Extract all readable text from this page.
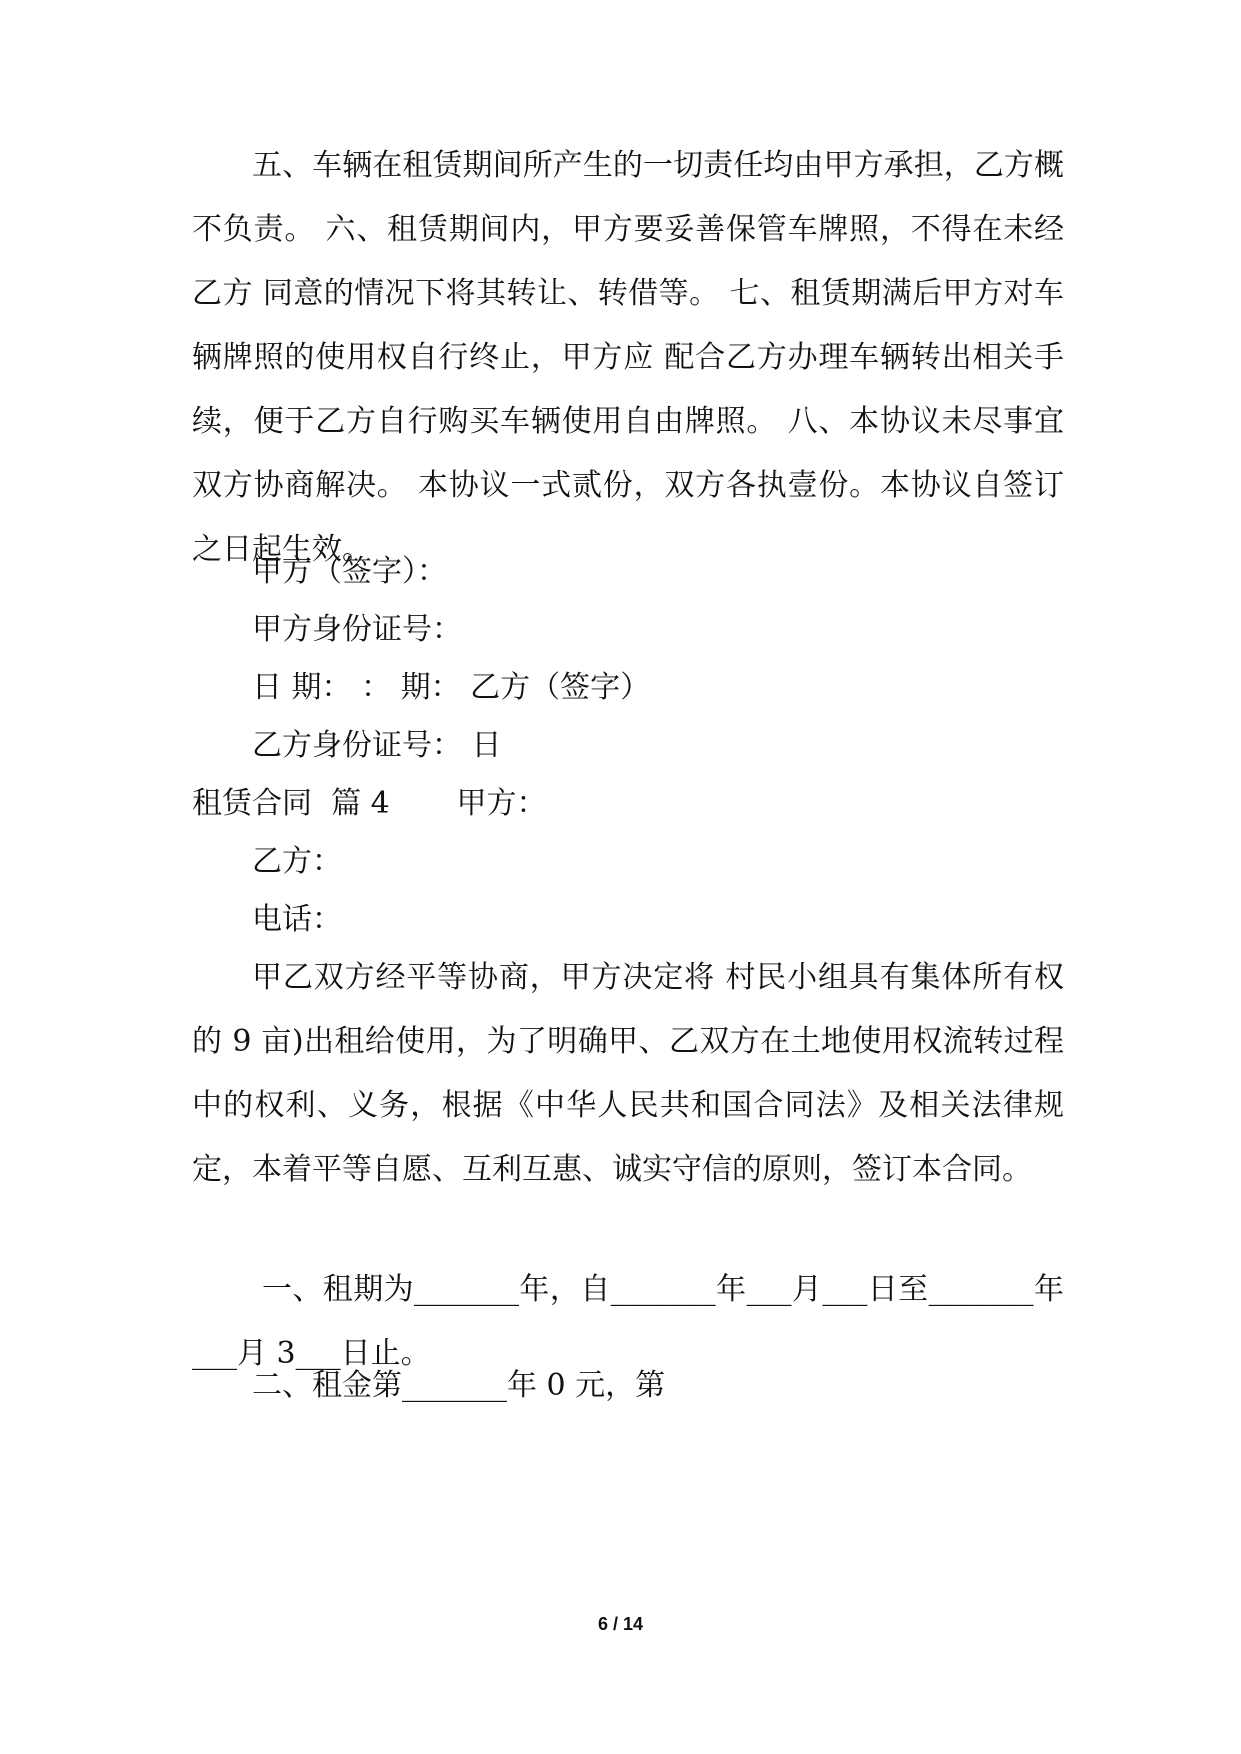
五、车辆在租赁期间所产生的一切责任均由甲方承担，乙方概不负责。 六、租赁期间内，甲方要妥善保管车牌照，不得在未经乙方 同意的情况下将其转让、转借等。 七、租赁期满后甲方对车辆牌照的使用权自行终止，甲方应 配合乙方办理车辆转出相关手续，便于乙方自行购买车辆使用自由牌照。 八、本协议未尽事宜双方协商解决。 本协议一式贰份，双方各执壹份。本协议自签订之日起生效。

甲方（签字）：

甲方身份证号：

日 期： ： 期： 乙方（签字）

乙方身份证号： 日

租赁合同  篇 4       甲方：

乙方：

电话：

甲乙双方经平等协商，甲方决定将 村民小组具有集体所有权的 9 亩)出租给使用，为了明确甲、乙双方在土地使用权流转过程中的权利、义务，根据《中华人民共和国合同法》及相关法律规定，本着平等自愿、互利互惠、诚实守信的原则，签订本合同。

一、租期为_______年，自_______年___月___日至_______年___月 3___日止。

二、租金第_______年 0 元，第

6 / 14
